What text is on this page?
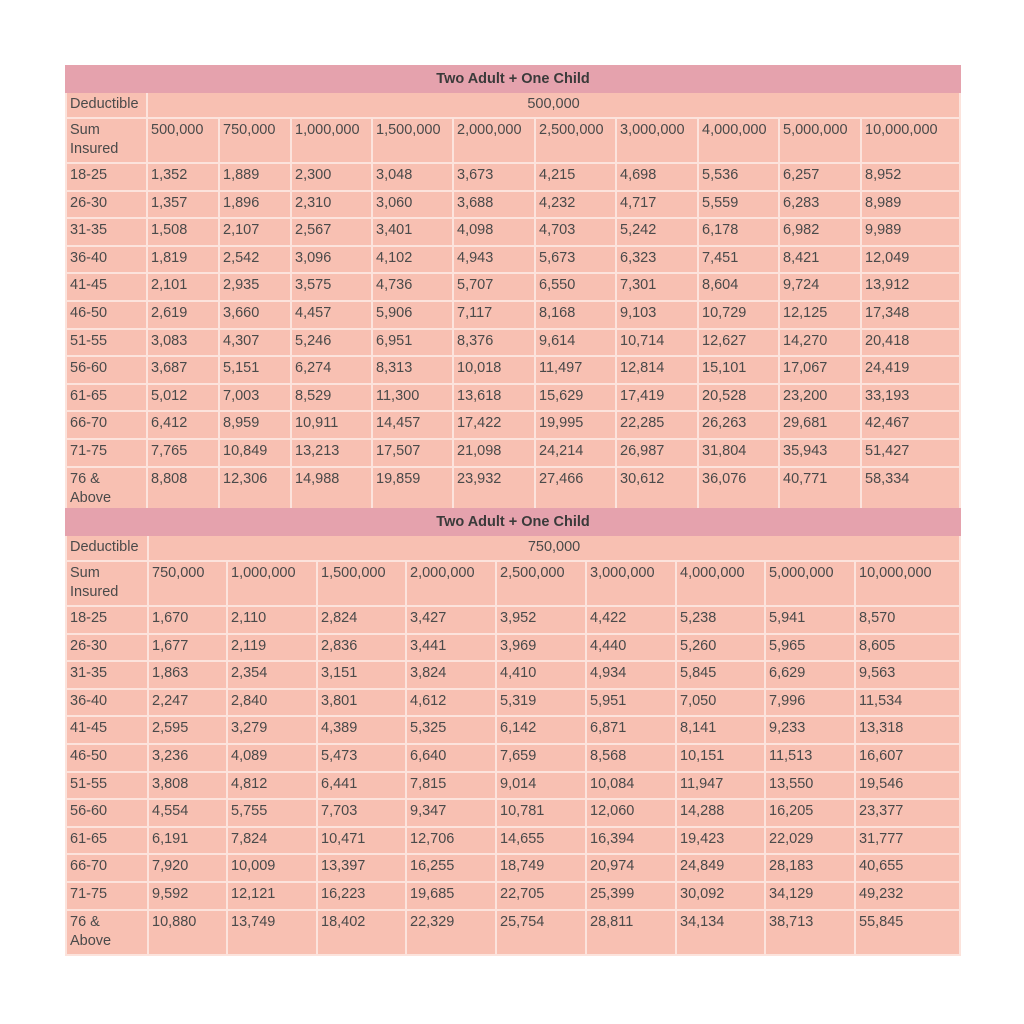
Two Adult + One Child										
Deductible	500,000									
Sum Insured	500,000	750,000	1,000,000	1,500,000	2,000,000	2,500,000	3,000,000	4,000,000	5,000,000	10,000,000
18-25	1,352	1,889	2,300	3,048	3,673	4,215	4,698	5,536	6,257	8,952
26-30	1,357	1,896	2,310	3,060	3,688	4,232	4,717	5,559	6,283	8,989
31-35	1,508	2,107	2,567	3,401	4,098	4,703	5,242	6,178	6,982	9,989
36-40	1,819	2,542	3,096	4,102	4,943	5,673	6,323	7,451	8,421	12,049
41-45	2,101	2,935	3,575	4,736	5,707	6,550	7,301	8,604	9,724	13,912
46-50	2,619	3,660	4,457	5,906	7,117	8,168	9,103	10,729	12,125	17,348
51-55	3,083	4,307	5,246	6,951	8,376	9,614	10,714	12,627	14,270	20,418
56-60	3,687	5,151	6,274	8,313	10,018	11,497	12,814	15,101	17,067	24,419
61-65	5,012	7,003	8,529	11,300	13,618	15,629	17,419	20,528	23,200	33,193
66-70	6,412	8,959	10,911	14,457	17,422	19,995	22,285	26,263	29,681	42,467
71-75	7,765	10,849	13,213	17,507	21,098	24,214	26,987	31,804	35,943	51,427
76 & Above	8,808	12,306	14,988	19,859	23,932	27,466	30,612	36,076	40,771	58,334
Two Adult + One Child									
Deductible	750,000								
Sum Insured	750,000	1,000,000	1,500,000	2,000,000	2,500,000	3,000,000	4,000,000	5,000,000	10,000,000
18-25	1,670	2,110	2,824	3,427	3,952	4,422	5,238	5,941	8,570
26-30	1,677	2,119	2,836	3,441	3,969	4,440	5,260	5,965	8,605
31-35	1,863	2,354	3,151	3,824	4,410	4,934	5,845	6,629	9,563
36-40	2,247	2,840	3,801	4,612	5,319	5,951	7,050	7,996	11,534
41-45	2,595	3,279	4,389	5,325	6,142	6,871	8,141	9,233	13,318
46-50	3,236	4,089	5,473	6,640	7,659	8,568	10,151	11,513	16,607
51-55	3,808	4,812	6,441	7,815	9,014	10,084	11,947	13,550	19,546
56-60	4,554	5,755	7,703	9,347	10,781	12,060	14,288	16,205	23,377
61-65	6,191	7,824	10,471	12,706	14,655	16,394	19,423	22,029	31,777
66-70	7,920	10,009	13,397	16,255	18,749	20,974	24,849	28,183	40,655
71-75	9,592	12,121	16,223	19,685	22,705	25,399	30,092	34,129	49,232
76 & Above	10,880	13,749	18,402	22,329	25,754	28,811	34,134	38,713	55,845
